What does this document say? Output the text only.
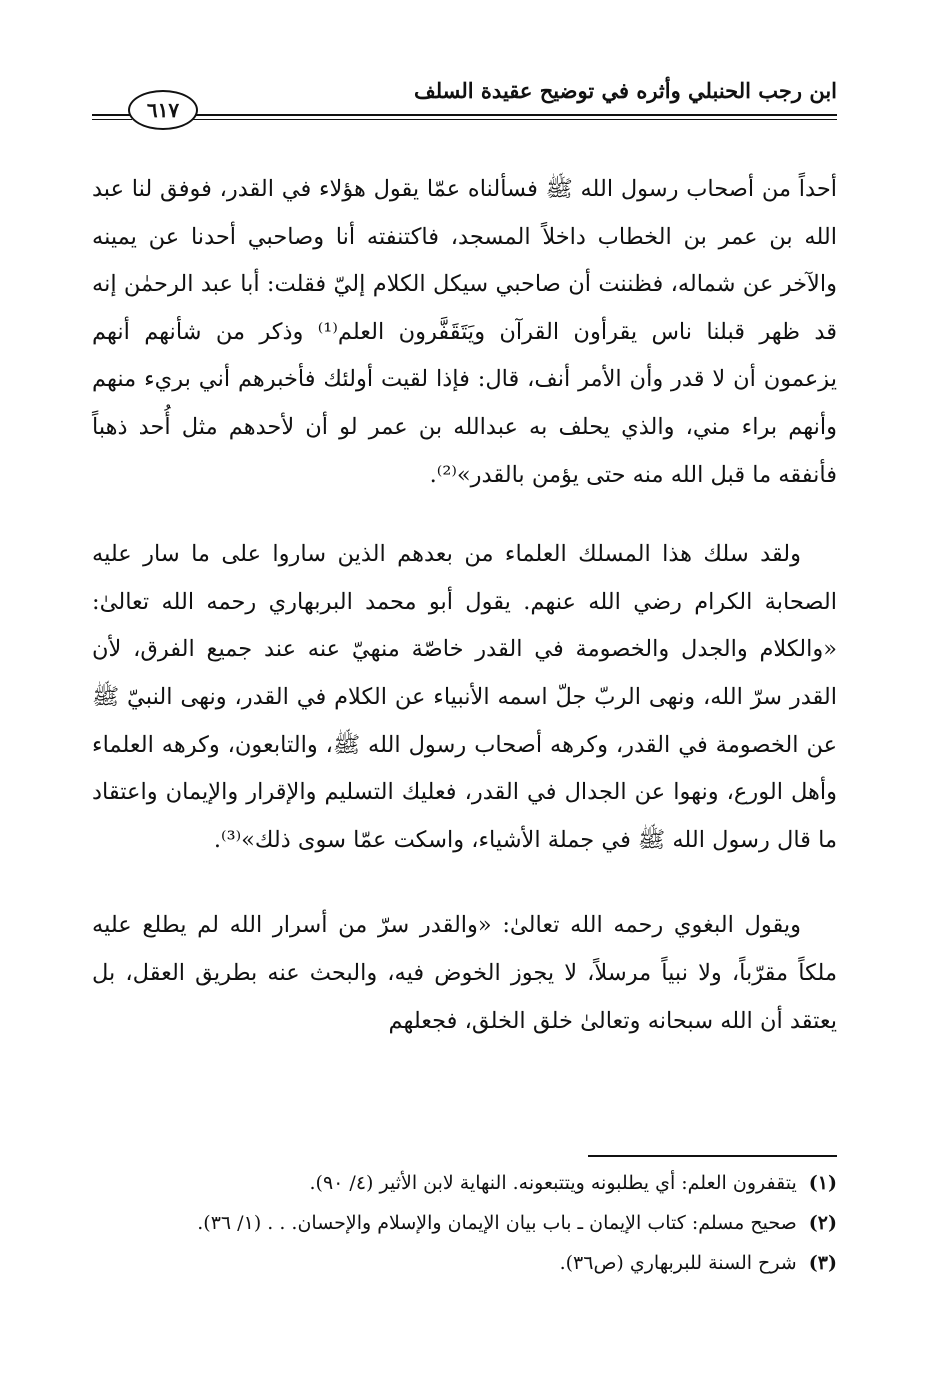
ابن رجب الحنبلي وأثره في توضيح عقيدة السلف
٦١٧

أحداً من أصحاب رسول الله ﷺ فسألناه عمّا يقول هؤلاء في القدر، فوفق لنا عبد الله بن عمر بن الخطاب داخلاً المسجد، فاكتنفته أنا وصاحبي أحدنا عن يمينه والآخر عن شماله، فظننت أن صاحبي سيكل الكلام إليّ فقلت: أبا عبد الرحمٰن إنه قد ظهر قبلنا ناس يقرأون القرآن ويَتَقَفَّرون العلم⁽¹⁾ وذكر من شأنهم أنهم يزعمون أن لا قدر وأن الأمر أنف، قال: فإذا لقيت أولئك فأخبرهم أني بريء منهم وأنهم براء مني، والذي يحلف به عبدالله بن عمر لو أن لأحدهم مثل أُحد ذهباً فأنفقه ما قبل الله منه حتى يؤمن بالقدر»⁽²⁾.

ولقد سلك هذا المسلك العلماء من بعدهم الذين ساروا على ما سار عليه الصحابة الكرام رضي الله عنهم. يقول أبو محمد البربهاري رحمه الله تعالىٰ: «والكلام والجدل والخصومة في القدر خاصّة منهيّ عنه عند جميع الفرق، لأن القدر سرّ الله، ونهى الربّ جلّ اسمه الأنبياء عن الكلام في القدر، ونهى النبيّ ﷺ عن الخصومة في القدر، وكرهه أصحاب رسول الله ﷺ، والتابعون، وكرهه العلماء وأهل الورع، ونهوا عن الجدال في القدر، فعليك التسليم والإقرار والإيمان واعتقاد ما قال رسول الله ﷺ في جملة الأشياء، واسكت عمّا سوى ذلك»⁽³⁾.

ويقول البغوي رحمه الله تعالىٰ: «والقدر سرّ من أسرار الله لم يطلع عليه ملكاً مقرّباً، ولا نبياً مرسلاً، لا يجوز الخوض فيه، والبحث عنه بطريق العقل، بل يعتقد أن الله سبحانه وتعالىٰ خلق الخلق، فجعلهم

(١) يتقفرون العلم: أي يطلبونه ويتتبعونه. النهاية لابن الأثير (٤/ ٩٠).

(٢) صحيح مسلم: كتاب الإيمان ـ باب بيان الإيمان والإسلام والإحسان. . . (١/ ٣٦).

(٣) شرح السنة للبربهاري (ص٣٦).
